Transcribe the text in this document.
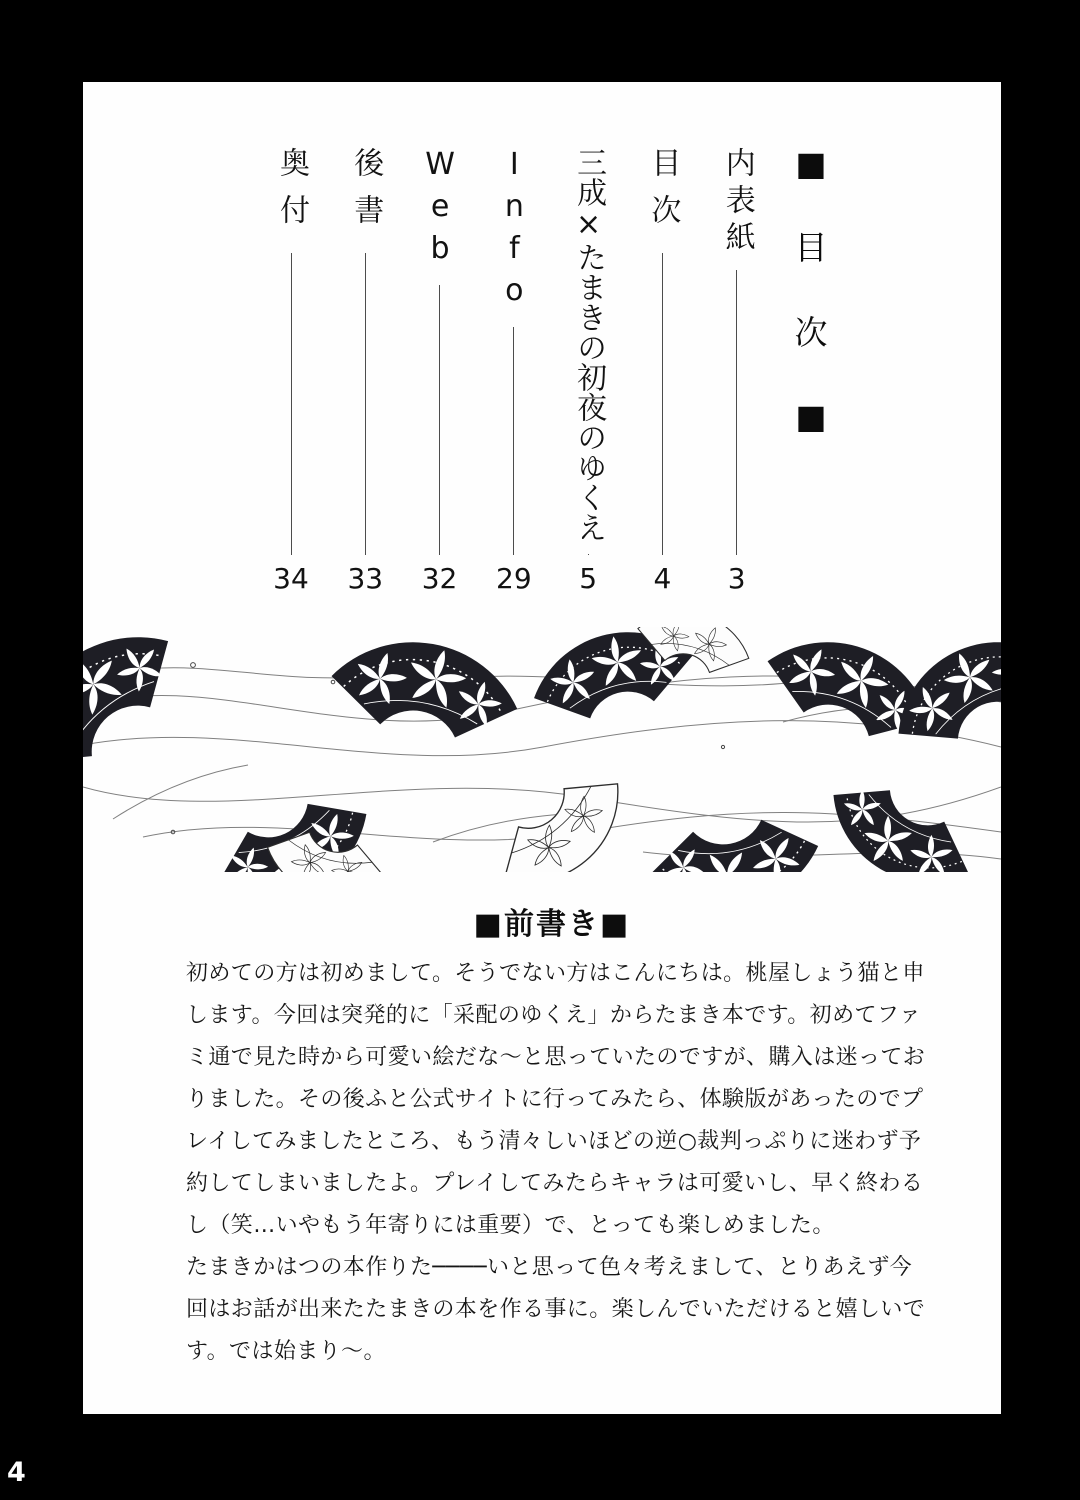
奥付
34
後書
33
Web
32
Info
29
三成×たまきの初夜のゆくえ
5
目次
4
内表紙
3
■
目
次
■
■前書き■
初めての方は初めまして。そうでない方はこんにちは。桃屋しょう猫と申
します。今回は突発的に「采配のゆくえ」からたまき本です。初めてファ
ミ通で見た時から可愛い絵だな～と思っていたのですが、購入は迷ってお
りました。その後ふと公式サイトに行ってみたら、体験版があったのでプ
レイしてみましたところ、もう清々しいほどの逆○裁判っぷりに迷わず予
約してしまいましたよ。プレイしてみたらキャラは可愛いし、早く終わる
し（笑…いやもう年寄りには重要）で、とっても楽しめました。
たまきかはつの本作りた────いと思って色々考えまして、とりあえず今
回はお話が出来たたまきの本を作る事に。楽しんでいただけると嬉しいで
す。では始まり～。
4
